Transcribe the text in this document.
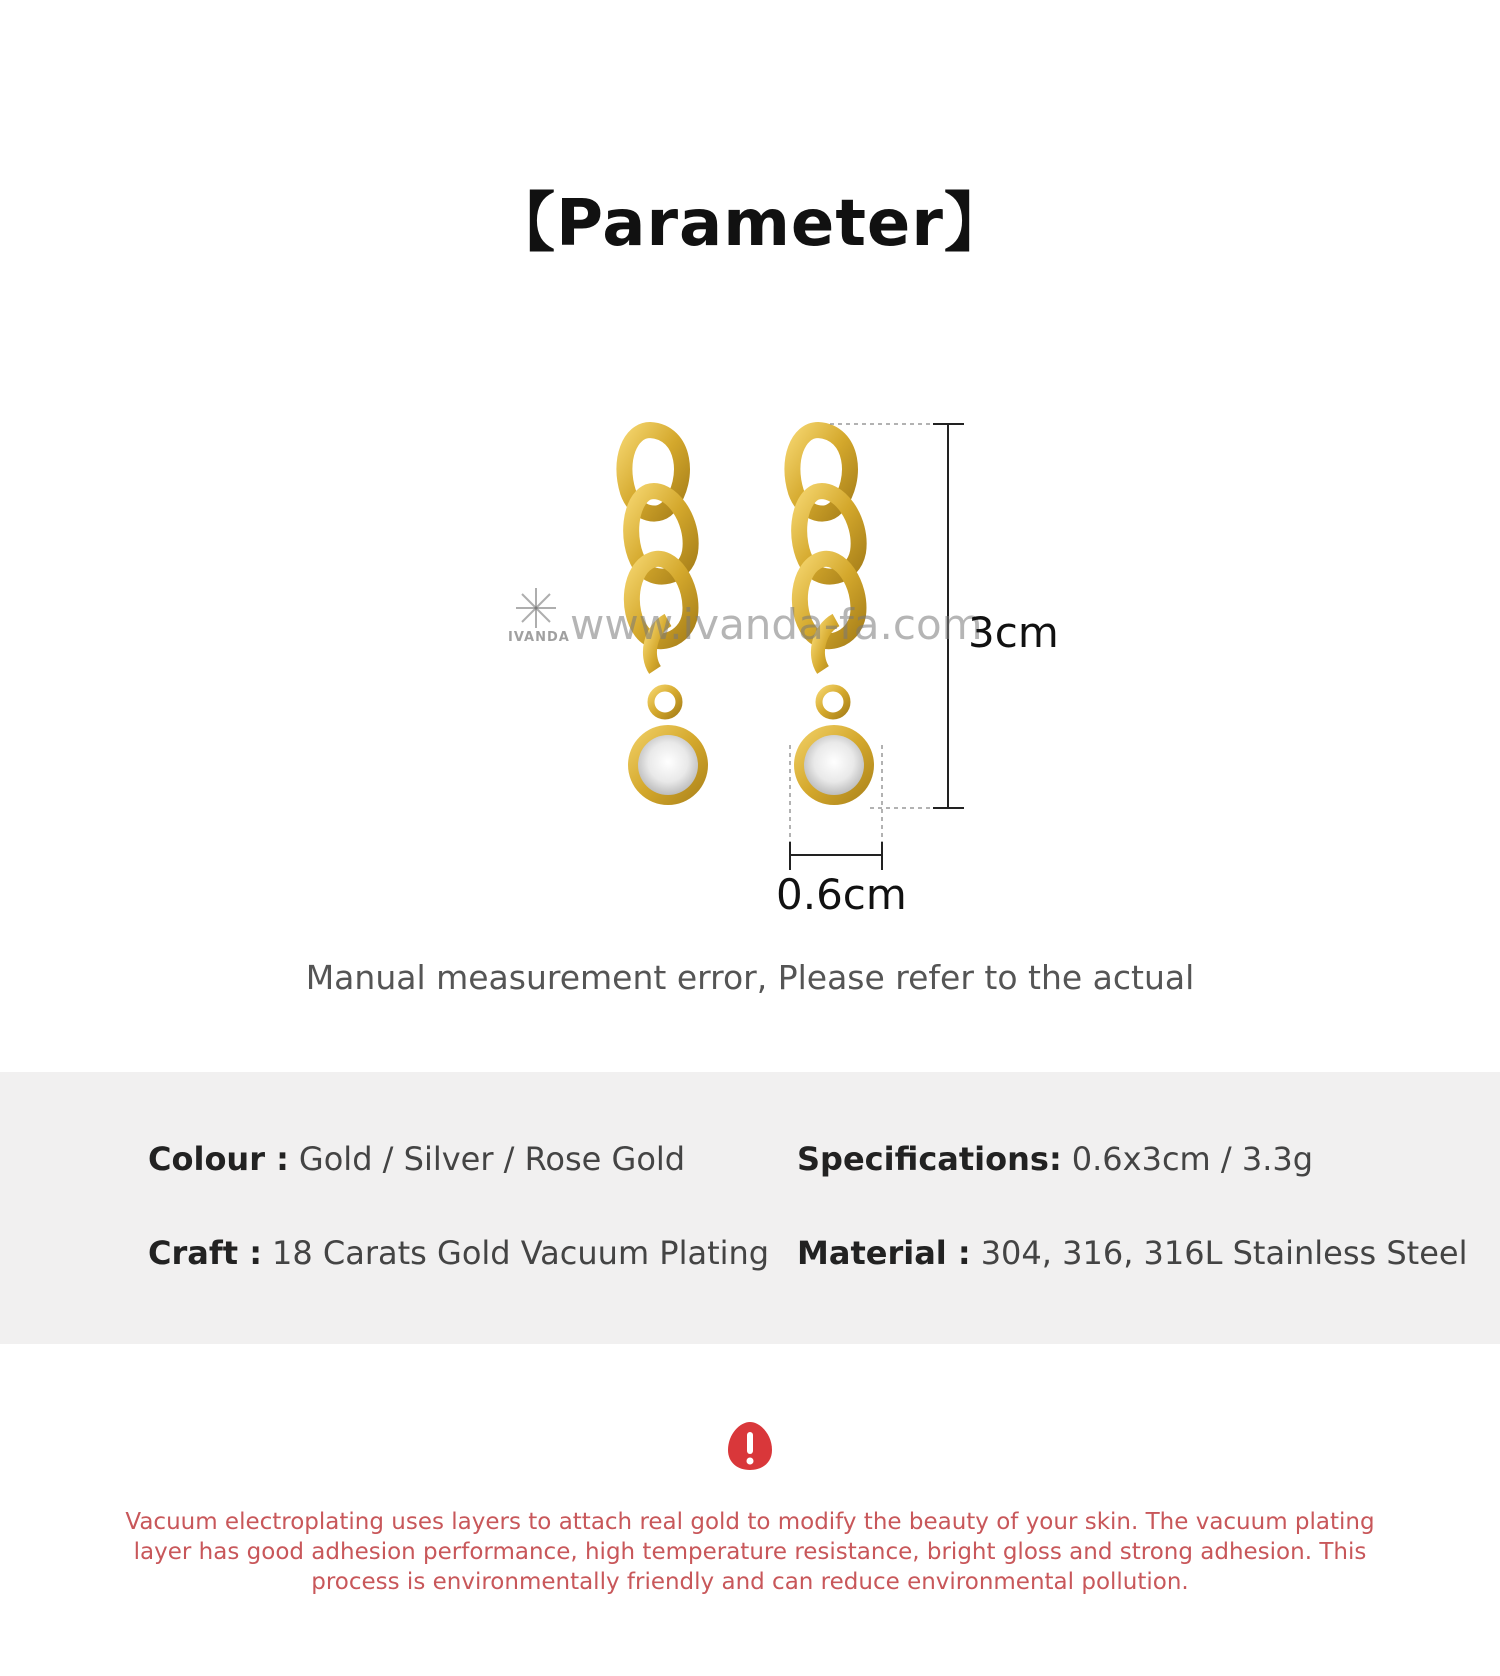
【Parameter】
IVANDA www.ivanda-fa.com
3cm
0.6cm
Manual measurement error, Please refer to the actual
Colour : Gold / Silver / Rose Gold	Specifications: 0.6x3cm / 3.3g
Craft : 18 Carats Gold Vacuum Plating Material : 304, 316, 316L Stainless Steel
Vacuum electroplating uses layers to attach real gold to modify the beauty of your skin. The vacuum plating layer has good adhesion performance, high temperature resistance, bright gloss and strong adhesion. This process is environmentally friendly and can reduce environmental pollution.
